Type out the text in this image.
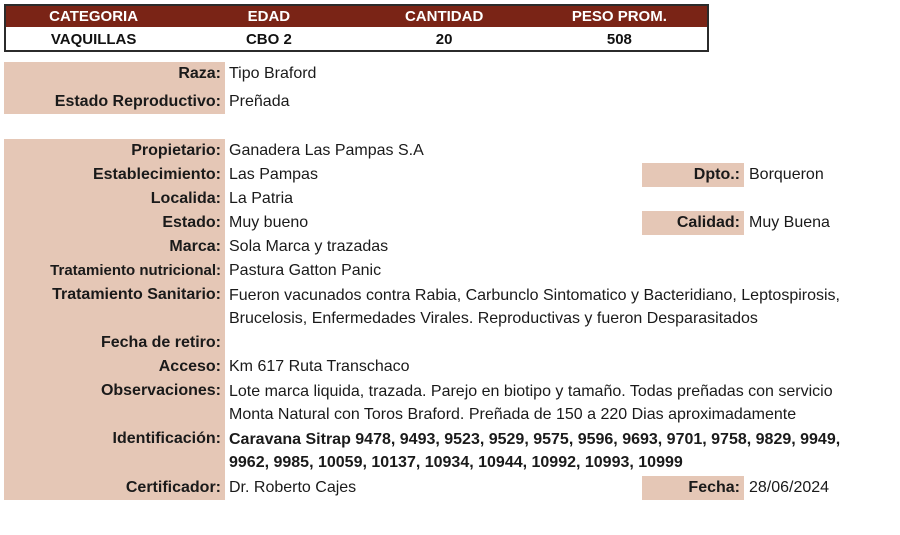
CATEGORIA	EDAD	CANTIDAD	PESO PROM.
VAQUILLAS	CBO 2	20	508
Raza: Tipo Braford
Estado Reproductivo: Preñada
Propietario: Ganadera Las Pampas S.A
Establecimiento: Las Pampas	Dpto.: Borqueron
Localida: La Patria
Estado: Muy bueno	Calidad: Muy Buena
Marca: Sola Marca y trazadas
Tratamiento nutricional: Pastura Gatton Panic
Tratamiento Sanitario: Fueron vacunados contra Rabia, Carbunclo Sintomatico y Bacteridiano, Leptospirosis, Brucelosis, Enfermedades Virales. Reproductivas y fueron Desparasitados
Fecha de retiro:
Acceso: Km 617 Ruta Transchaco
Observaciones: Lote marca liquida, trazada. Parejo en biotipo y tamaño. Todas preñadas con servicio Monta Natural con Toros Braford. Preñada de 150 a 220 Dias aproximadamente
Identificación: Caravana Sitrap 9478, 9493, 9523, 9529, 9575, 9596, 9693, 9701, 9758, 9829, 9949, 9962, 9985, 10059, 10137, 10934, 10944, 10992, 10993, 10999
Certificador: Dr. Roberto Cajes	Fecha: 28/06/2024
